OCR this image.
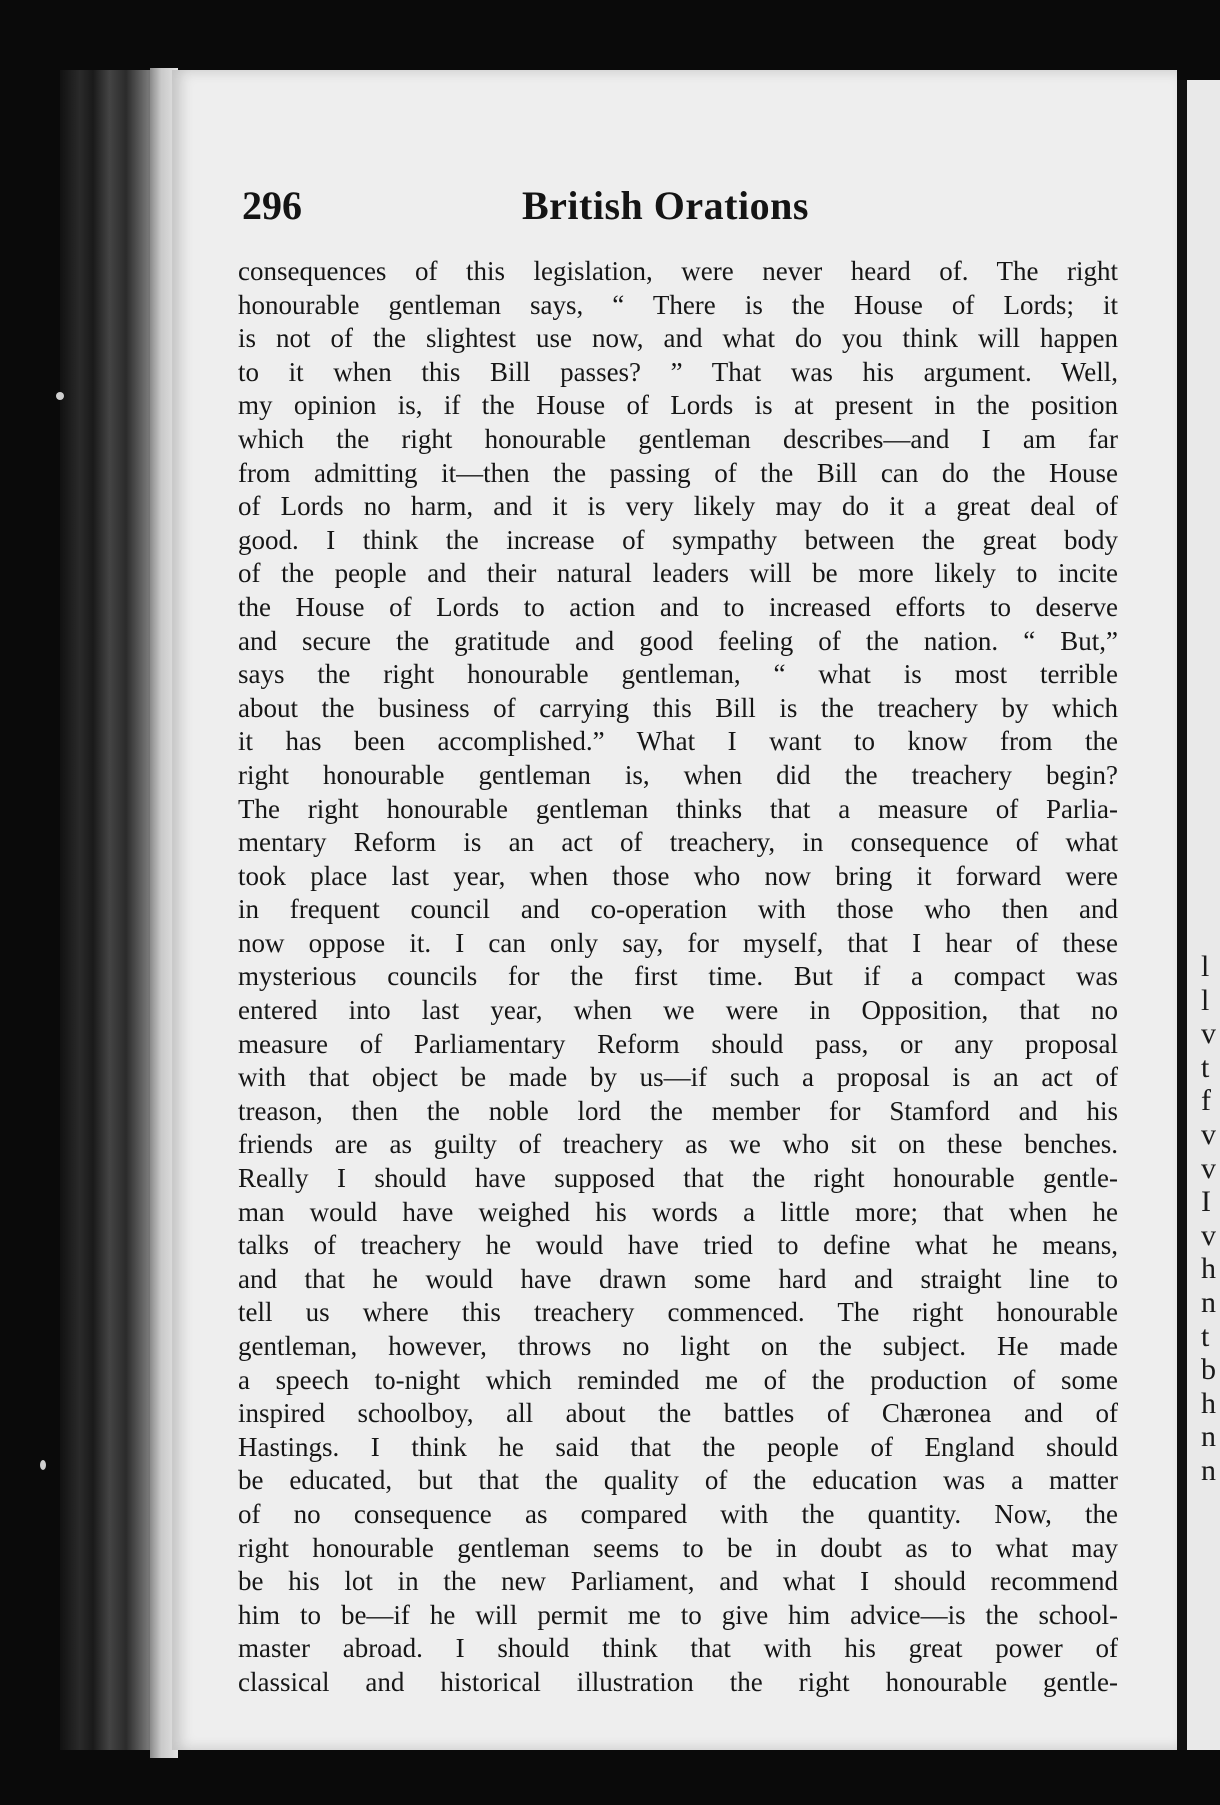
296	British Orations
consequences of this legislation, were never heard of. The right
honourable gentleman says, “ There is the House of Lords; it
is not of the slightest use now, and what do you think will happen
to it when this Bill passes? ” That was his argument. Well,
my opinion is, if the House of Lords is at present in the position
which the right honourable gentleman describes—and I am far
from admitting it—then the passing of the Bill can do the House
of Lords no harm, and it is very likely may do it a great deal of
good. I think the increase of sympathy between the great body
of the people and their natural leaders will be more likely to incite
the House of Lords to action and to increased efforts to deserve
and secure the gratitude and good feeling of the nation. “ But,”
says the right honourable gentleman, “ what is most terrible
about the business of carrying this Bill is the treachery by which
it has been accomplished.” What I want to know from the
right honourable gentleman is, when did the treachery begin?
The right honourable gentleman thinks that a measure of Parlia-
mentary Reform is an act of treachery, in consequence of what
took place last year, when those who now bring it forward were
in frequent council and co-operation with those who then and
now oppose it. I can only say, for myself, that I hear of these
mysterious councils for the first time. But if a compact was
entered into last year, when we were in Opposition, that no
measure of Parliamentary Reform should pass, or any proposal
with that object be made by us—if such a proposal is an act of
treason, then the noble lord the member for Stamford and his
friends are as guilty of treachery as we who sit on these benches.
Really I should have supposed that the right honourable gentle-
man would have weighed his words a little more; that when he
talks of treachery he would have tried to define what he means,
and that he would have drawn some hard and straight line to
tell us where this treachery commenced. The right honourable
gentleman, however, throws no light on the subject. He made
a speech to-night which reminded me of the production of some
inspired schoolboy, all about the battles of Chæronea and of
Hastings. I think he said that the people of England should
be educated, but that the quality of the education was a matter
of no consequence as compared with the quantity. Now, the
right honourable gentleman seems to be in doubt as to what may
be his lot in the new Parliament, and what I should recommend
him to be—if he will permit me to give him advice—is the school-
master abroad. I should think that with his great power of
classical and historical illustration the right honourable gentle-
l
l
v
t
f
v
v
I
v
h
n
t
b
h
n
n
